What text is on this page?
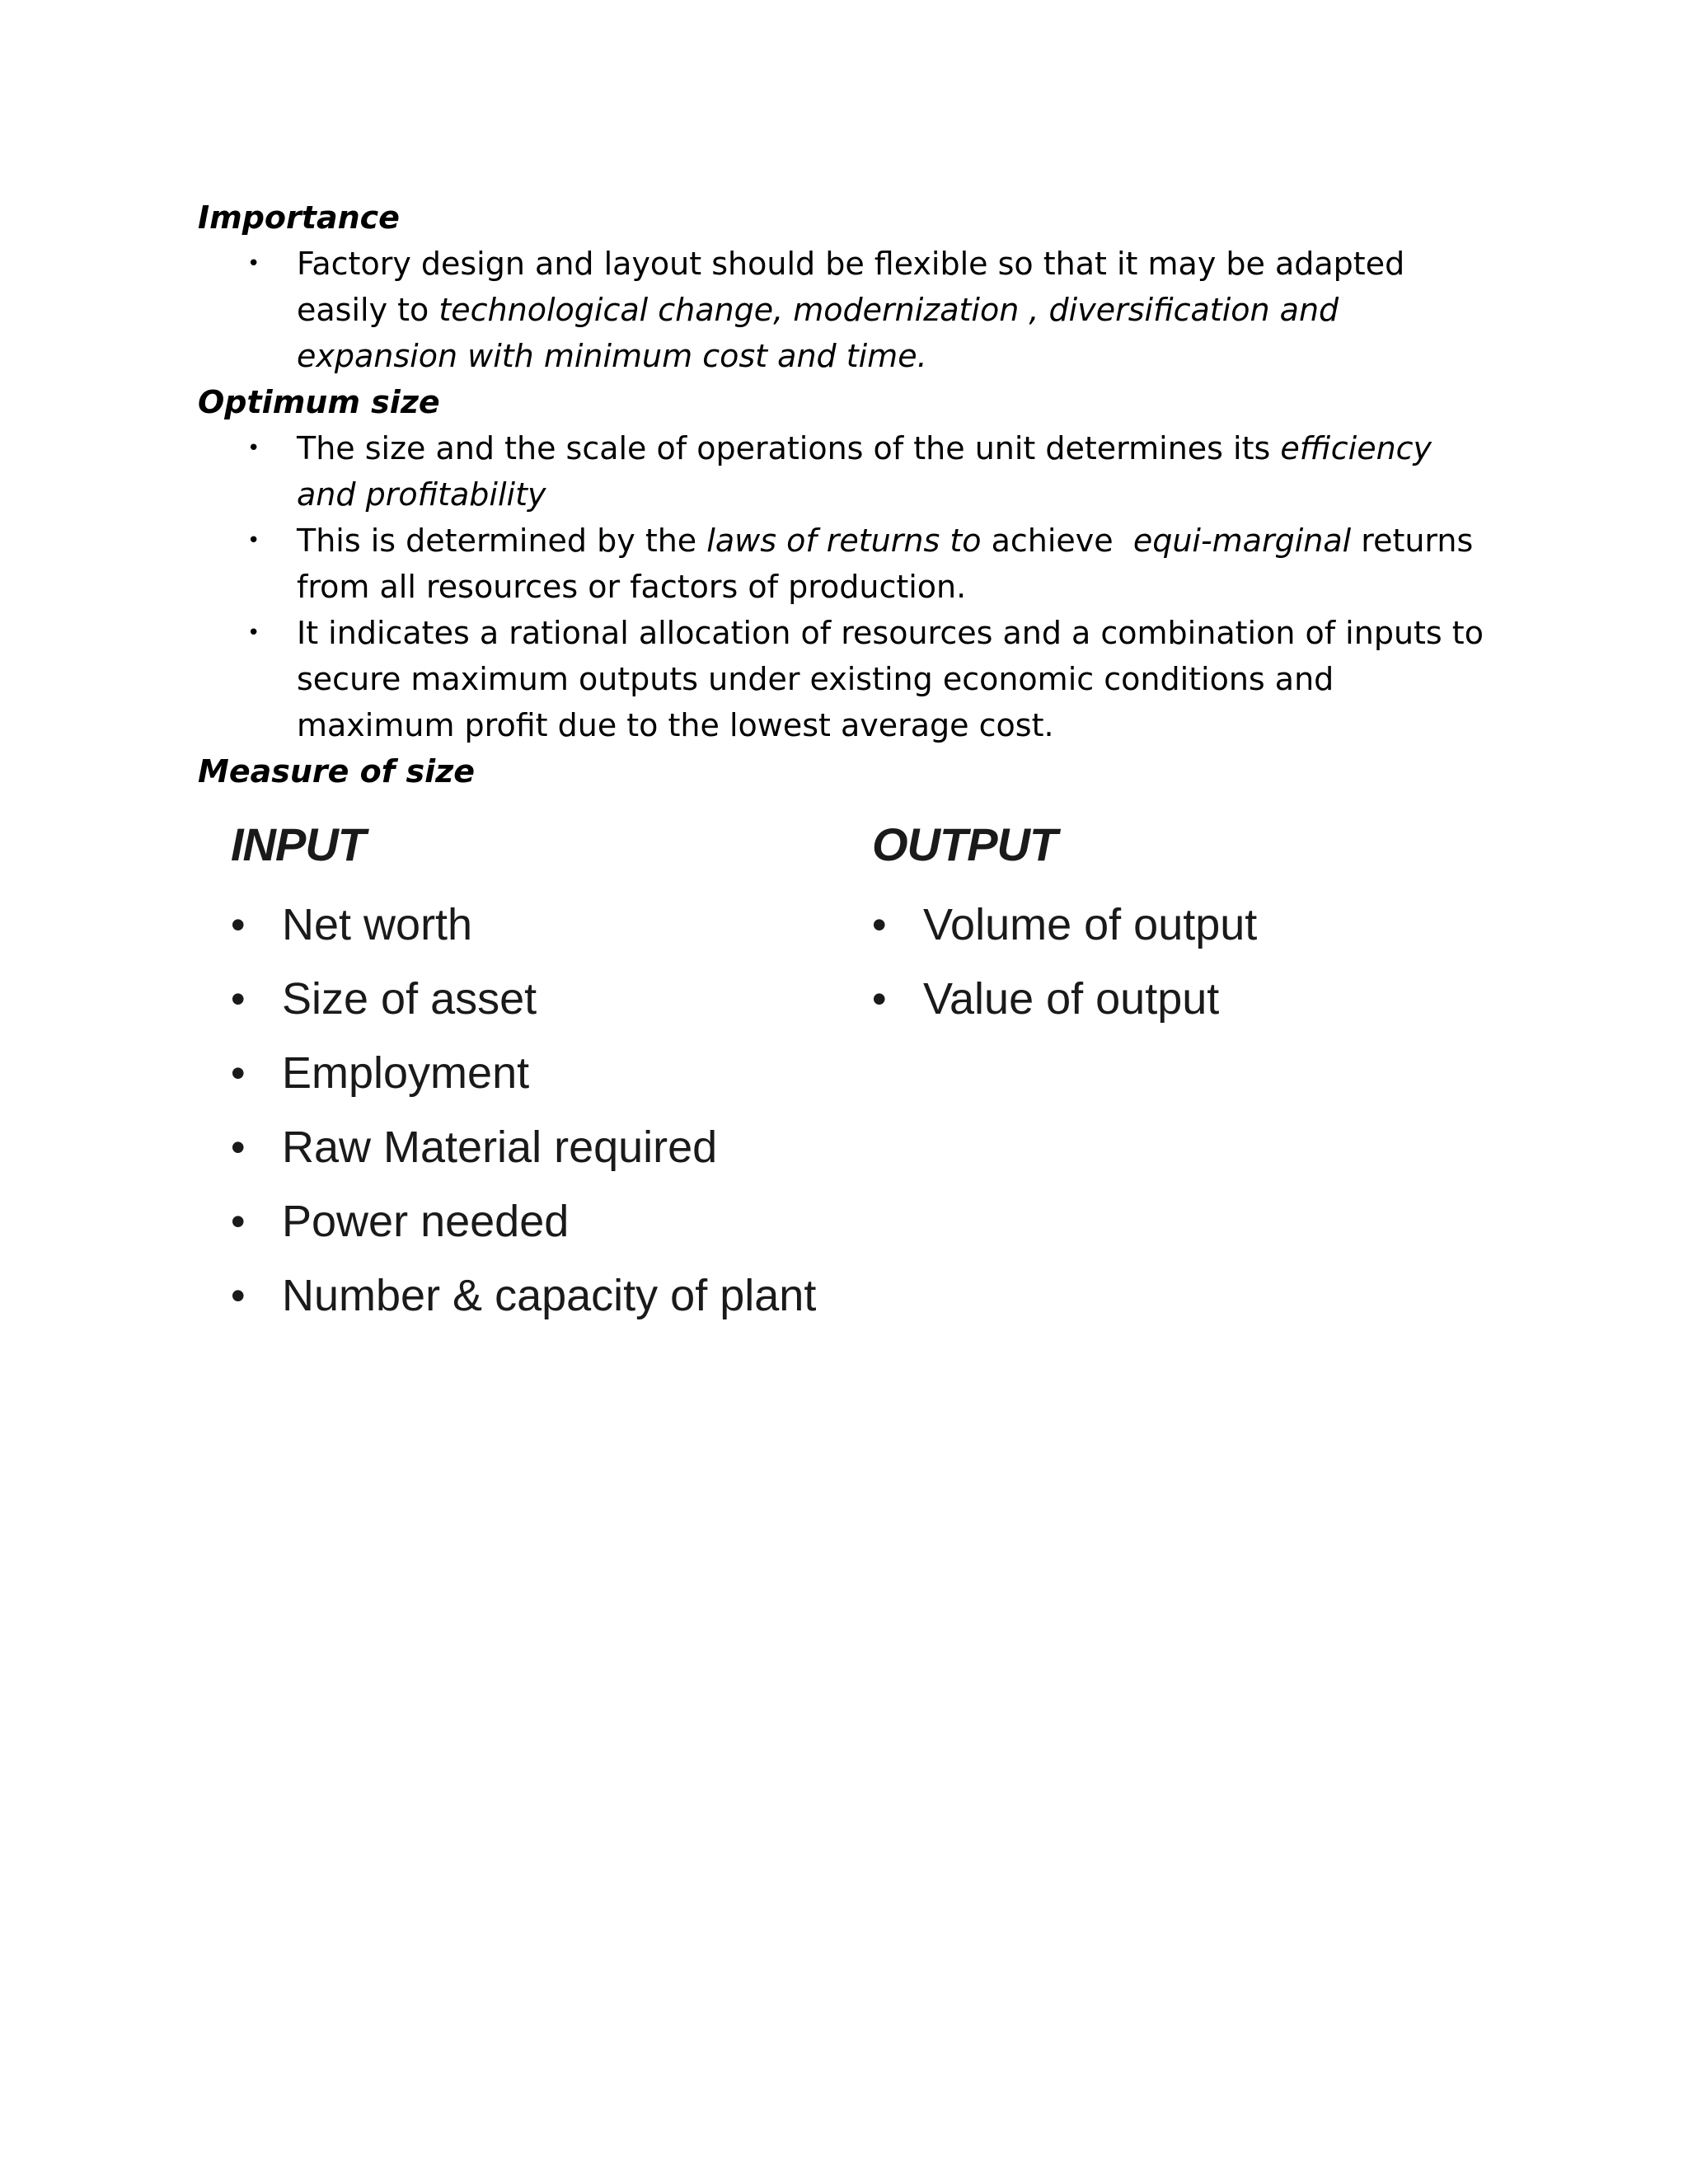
Importance

• Factory design and layout should be flexible so that it may be adapted easily to technological change, modernization , diversification and expansion with minimum cost and time.

Optimum size

• The size and the scale of operations of the unit determines its efficiency and profitability
• This is determined by the laws of returns to achieve  equi-marginal returns from all resources or factors of production.
• It indicates a rational allocation of resources and a combination of inputs to secure maximum outputs under existing economic conditions and maximum profit due to the lowest average cost.

Measure of size

INPUT

• Net worth
• Size of asset
• Employment
• Raw Material required
• Power needed
• Number & capacity of plant

OUTPUT

• Volume of output
• Value of output
